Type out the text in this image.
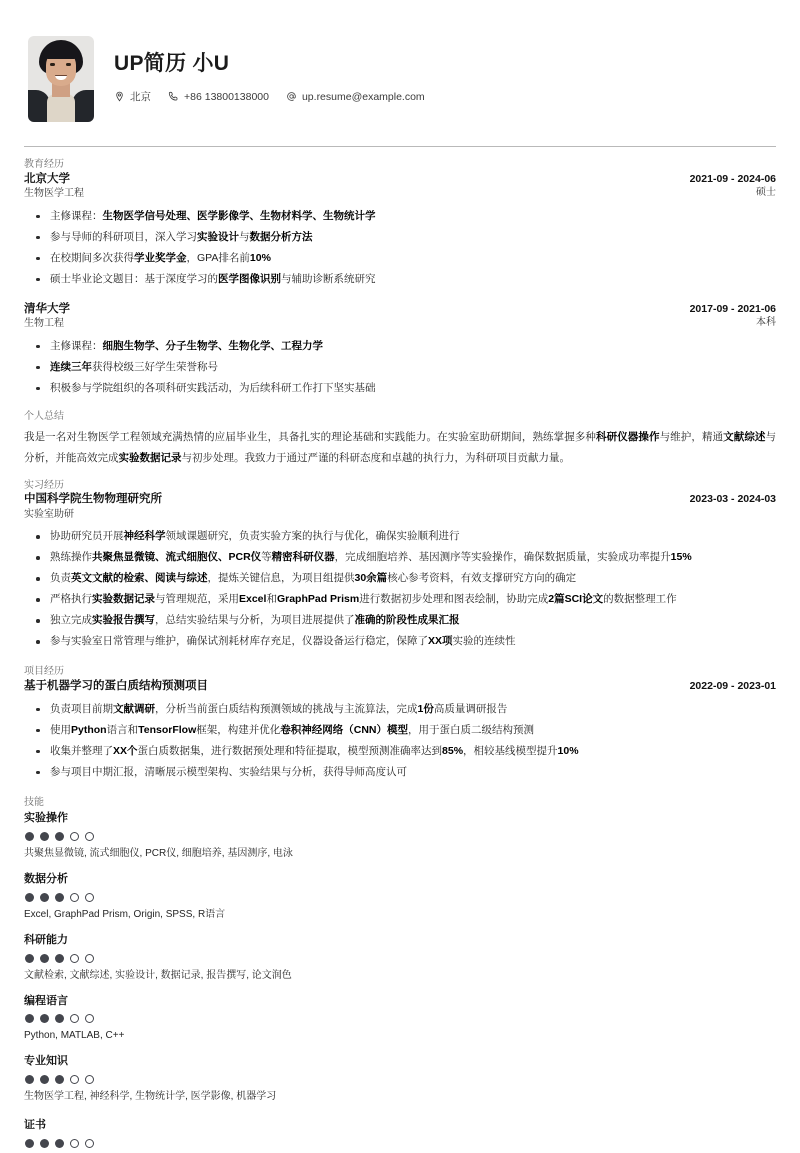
UP简历 小U
北京	+86 13800138000	up.resume@example.com
教育经历
北京大学
生物医学工程
2021-09 - 2024-06
硕士
主修课程：生物医学信号处理、医学影像学、生物材料学、生物统计学
参与导师的科研项目，深入学习实验设计与数据分析方法
在校期间多次获得学业奖学金，GPA排名前10%
硕士毕业论文题目：基于深度学习的医学图像识别与辅助诊断系统研究
清华大学
生物工程
2017-09 - 2021-06
本科
主修课程：细胞生物学、分子生物学、生物化学、工程力学
连续三年获得校级三好学生荣誉称号
积极参与学院组织的各项科研实践活动，为后续科研工作打下坚实基础
个人总结
我是一名对生物医学工程领域充满热情的应届毕业生，具备扎实的理论基础和实践能力。在实验室助研期间，熟练掌握多种科研仪器操作与维护，精通文献综述与分析，并能高效完成实验数据记录与初步处理。我致力于通过严谨的科研态度和卓越的执行力，为科研项目贡献力量。
实习经历
中国科学院生物物理研究所
实验室助研
2023-03 - 2024-03
协助研究员开展神经科学领域课题研究，负责实验方案的执行与优化，确保实验顺利进行
熟练操作共聚焦显微镜、流式细胞仪、PCR仪等精密科研仪器，完成细胞培养、基因测序等实验操作，确保数据质量，实验成功率提升15%
负责英文文献的检索、阅读与综述，提炼关键信息，为项目组提供30余篇核心参考资料，有效支撑研究方向的确定
严格执行实验数据记录与管理规范，采用Excel和GraphPad Prism进行数据初步处理和图表绘制，协助完成2篇SCI论文的数据整理工作
独立完成实验报告撰写，总结实验结果与分析，为项目进展提供了准确的阶段性成果汇报
参与实验室日常管理与维护，确保试剂耗材库存充足，仪器设备运行稳定，保障了XX项实验的连续性
项目经历
基于机器学习的蛋白质结构预测项目	2022-09 - 2023-01
负责项目前期文献调研，分析当前蛋白质结构预测领域的挑战与主流算法，完成1份高质量调研报告
使用Python语言和TensorFlow框架，构建并优化卷积神经网络（CNN）模型，用于蛋白质二级结构预测
收集并整理了XX个蛋白质数据集，进行数据预处理和特征提取，模型预测准确率达到85%，相较基线模型提升10%
参与项目中期汇报，清晰展示模型架构、实验结果与分析，获得导师高度认可
技能
实验操作
共聚焦显微镜, 流式细胞仪, PCR仪, 细胞培养, 基因测序, 电泳
数据分析
Excel, GraphPad Prism, Origin, SPSS, R语言
科研能力
文献检索, 文献综述, 实验设计, 数据记录, 报告撰写, 论文润色
编程语言
Python, MATLAB, C++
专业知识
生物医学工程, 神经科学, 生物统计学, 医学影像, 机器学习
证书
